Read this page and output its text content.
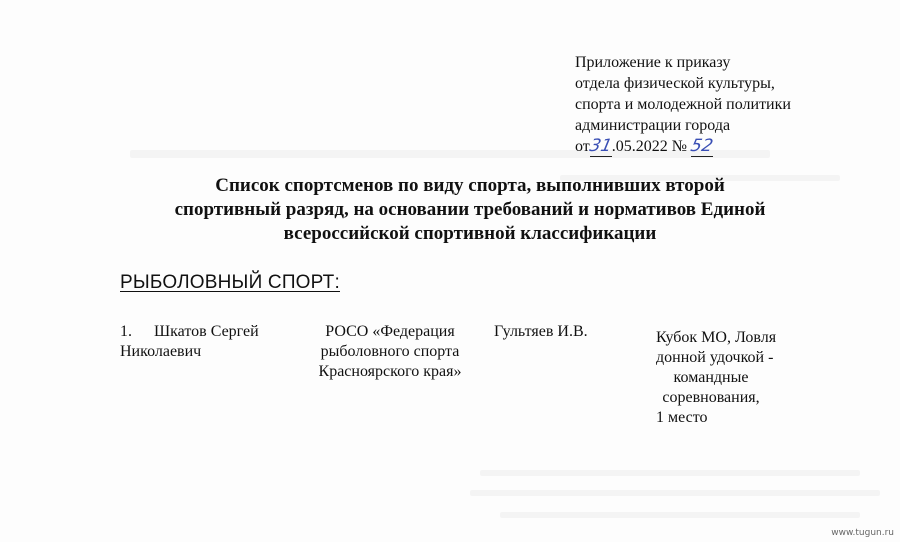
Приложение к приказу
отдела физической культуры,
спорта и молодежной политики
администрации города
от31.05.2022 № 52
Список спортсменов по виду спорта, выполнивших второй
спортивный разряд, на основании требований и нормативов Единой
всероссийской спортивной классификации
РЫБОЛОВНЫЙ СПОРТ:
1. Шкатов Сергей
Николаевич
РОСО «Федерация
рыболовного спорта
Красноярского края»
Гультяев И.В.	Кубок МО, Ловля
донной удочкой -
командные
соревнования,
1 место
www.tugun.ru
